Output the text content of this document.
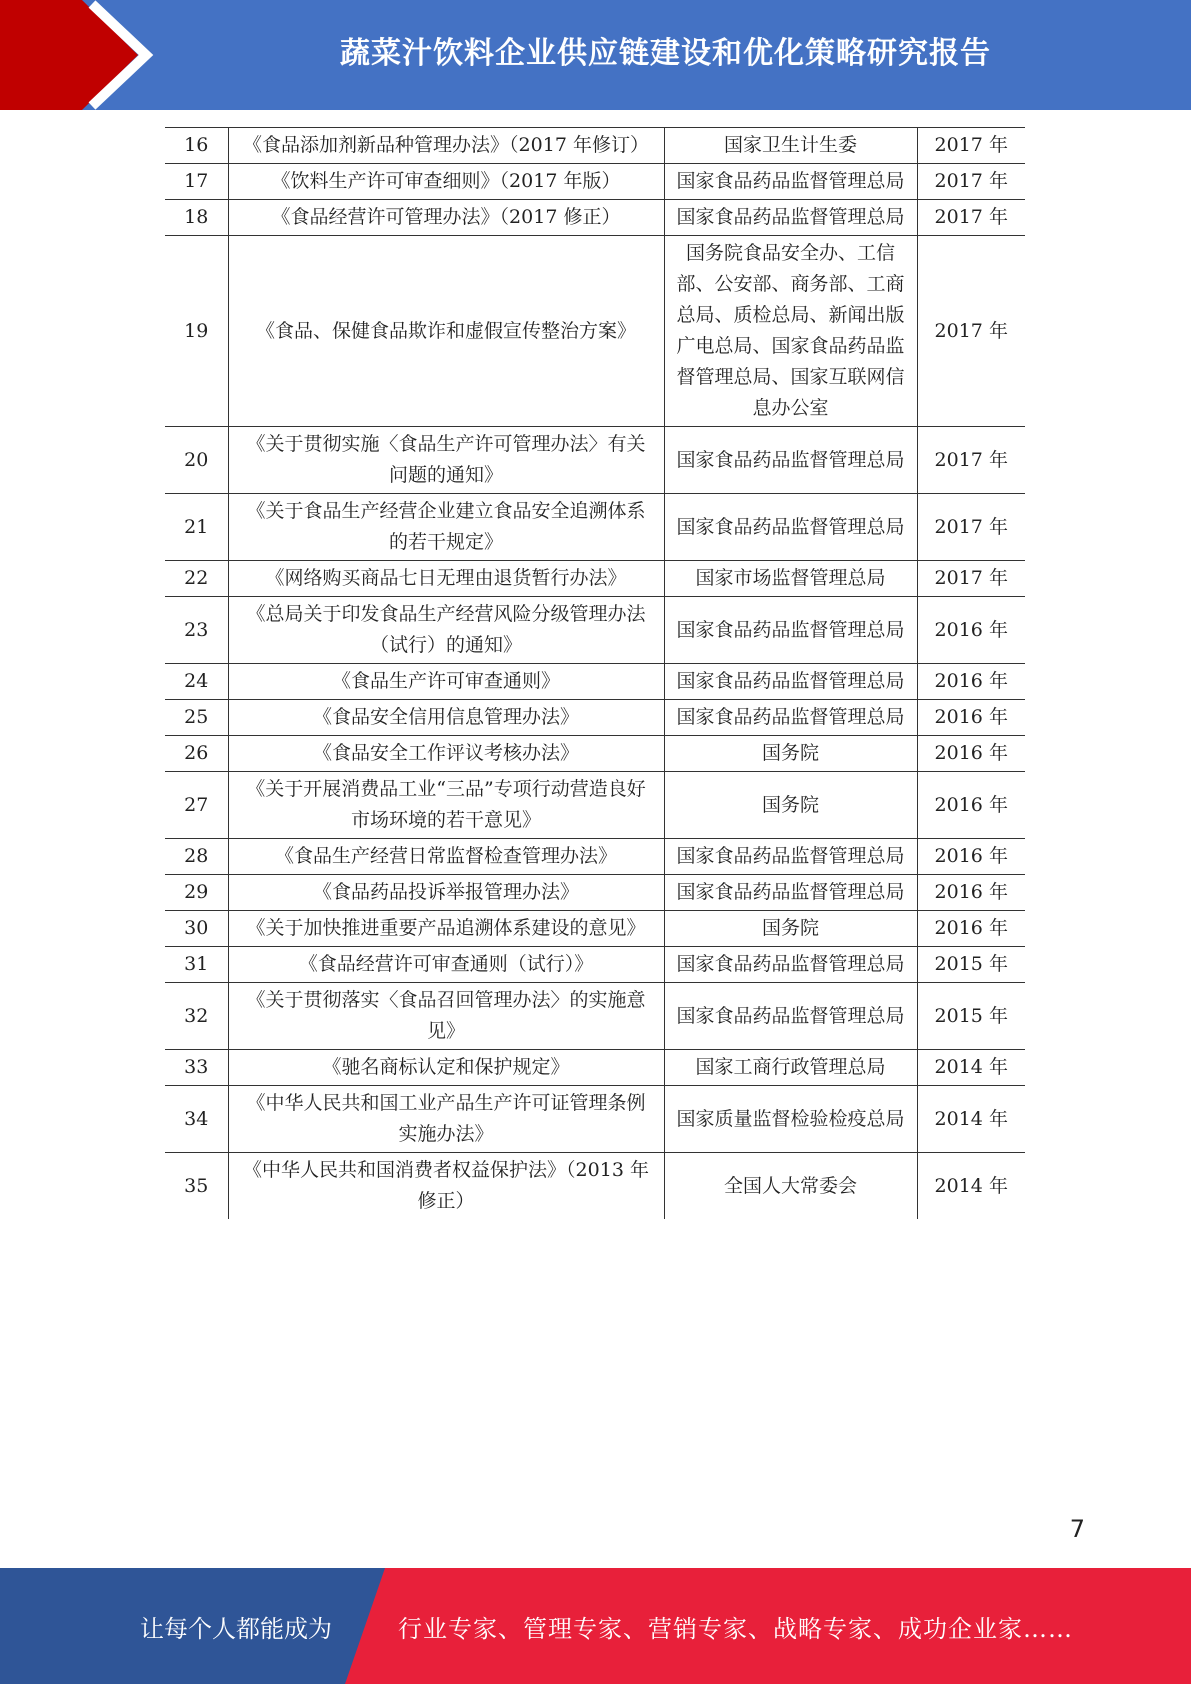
蔬菜汁饮料企业供应链建设和优化策略研究报告
16	《食品添加剂新品种管理办法》（2017 年修订）	国家卫生计生委	2017 年

17	《饮料生产许可审查细则》（2017 年版）	国家食品药品监督管理总局	2017 年

18	《食品经营许可管理办法》（2017 修正）	国家食品药品监督管理总局	2017 年

19	《食品、保健食品欺诈和虚假宣传整治方案》	国务院食品安全办、工信部、公安部、商务部、工商总局、质检总局、新闻出版广电总局、国家食品药品监督管理总局、国家互联网信息办公室	2017 年

20	《关于贯彻实施〈食品生产许可管理办法〉有关问题的通知》	国家食品药品监督管理总局	2017 年

21	《关于食品生产经营企业建立食品安全追溯体系的若干规定》	国家食品药品监督管理总局	2017 年

22	《网络购买商品七日无理由退货暂行办法》	国家市场监督管理总局	2017 年

23	《总局关于印发食品生产经营风险分级管理办法（试行）的通知》	国家食品药品监督管理总局	2016 年

24	《食品生产许可审查通则》	国家食品药品监督管理总局	2016 年

25	《食品安全信用信息管理办法》	国家食品药品监督管理总局	2016 年

26	《食品安全工作评议考核办法》	国务院	2016 年

27	《关于开展消费品工业“三品”专项行动营造良好市场环境的若干意见》	国务院	2016 年

28	《食品生产经营日常监督检查管理办法》	国家食品药品监督管理总局	2016 年

29	《食品药品投诉举报管理办法》	国家食品药品监督管理总局	2016 年

30	《关于加快推进重要产品追溯体系建设的意见》	国务院	2016 年

31	《食品经营许可审查通则（试行）》	国家食品药品监督管理总局	2015 年

32	《关于贯彻落实〈食品召回管理办法〉的实施意见》	国家食品药品监督管理总局	2015 年

33	《驰名商标认定和保护规定》	国家工商行政管理总局	2014 年

34	《中华人民共和国工业产品生产许可证管理条例实施办法》	国家质量监督检验检疫总局	2014 年

35	《中华人民共和国消费者权益保护法》（2013 年修正）	全国人大常委会	2014 年
7
让每个人都能成为	行业专家、管理专家、营销专家、战略专家、成功企业家……
